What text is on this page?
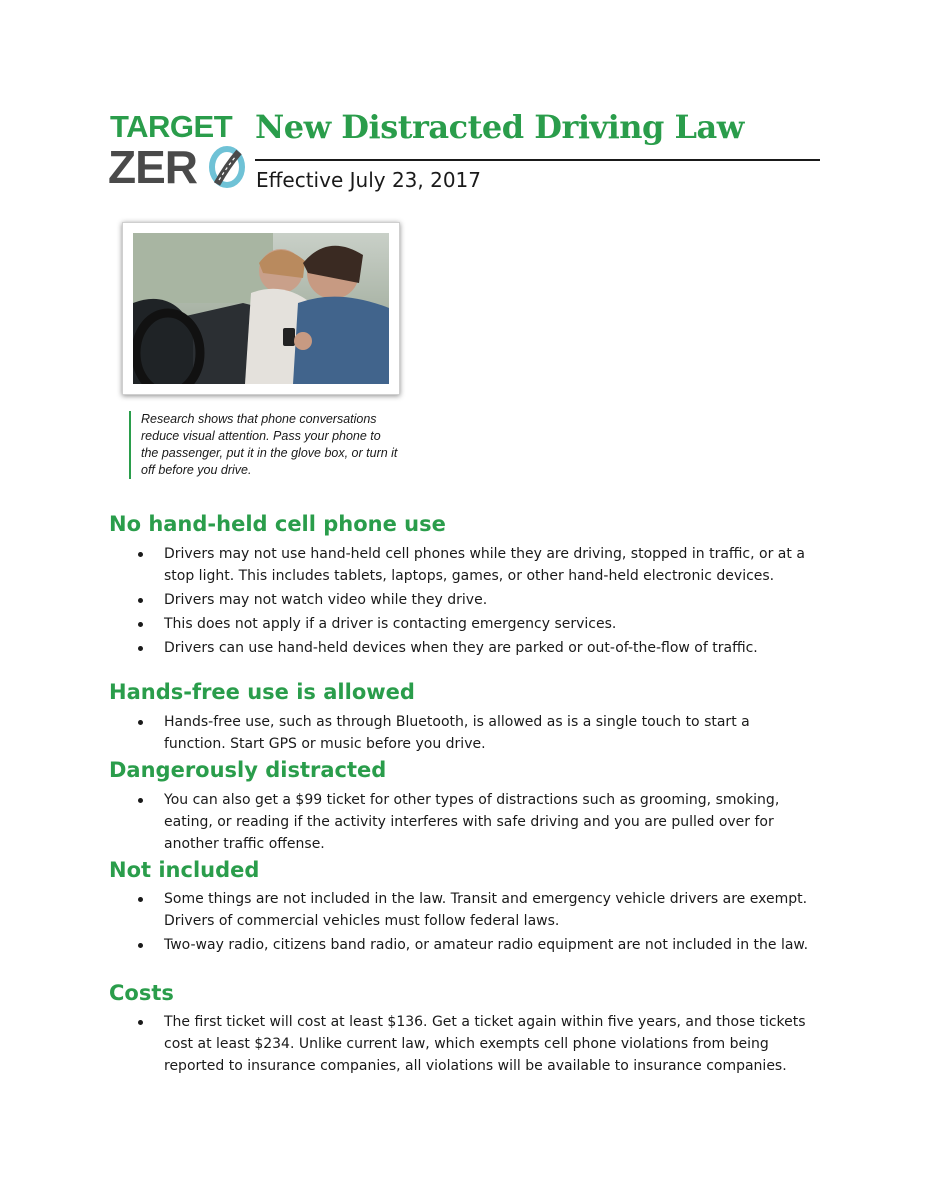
TARGET
ZER
New Distracted Driving Law
Effective July 23, 2017
Research shows that phone conversations reduce visual attention. Pass your phone to the passenger, put it in the glove box, or turn it off before you drive.
No hand-held cell phone use
Drivers may not use hand-held cell phones while they are driving, stopped in traffic, or at a stop light. This includes tablets, laptops, games, or other hand-held electronic devices.
Drivers may not watch video while they drive.
This does not apply if a driver is contacting emergency services.
Drivers can use hand-held devices when they are parked or out-of-the-flow of traffic.
Hands-free use is allowed
Hands-free use, such as through Bluetooth, is allowed as is a single touch to start a function. Start GPS or music before you drive.
Dangerously distracted
You can also get a $99 ticket for other types of distractions such as grooming, smoking, eating, or reading if the activity interferes with safe driving and you are pulled over for another traffic offense.
Not included
Some things are not included in the law. Transit and emergency vehicle drivers are exempt. Drivers of commercial vehicles must follow federal laws.
Two-way radio, citizens band radio, or amateur radio equipment are not included in the law.
Costs
The first ticket will cost at least $136. Get a ticket again within five years, and those tickets cost at least $234. Unlike current law, which exempts cell phone violations from being reported to insurance companies, all violations will be available to insurance companies.
